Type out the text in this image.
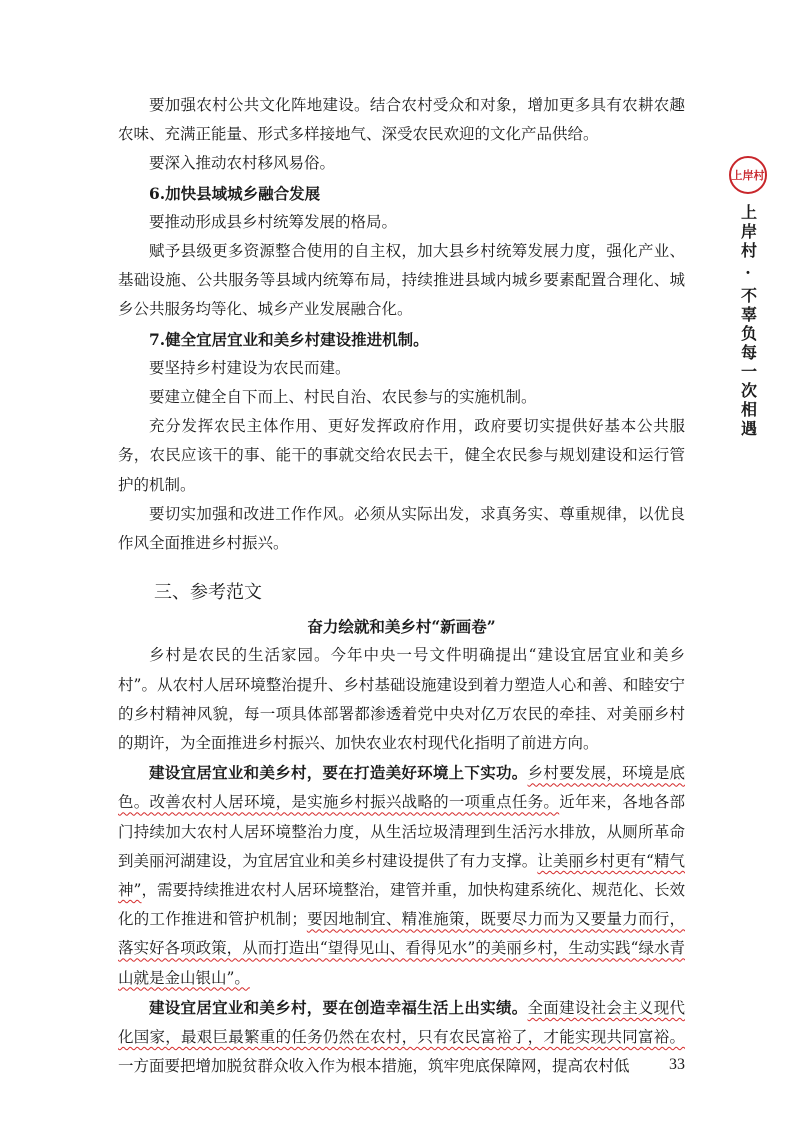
上岸村
上岸村 · 不辜负每一次相遇

要加强农村公共文化阵地建设。结合农村受众和对象，增加更多具有农耕农趣农味、充满正能量、形式多样接地气、深受农民欢迎的文化产品供给。

要深入推动农村移风易俗。

6.加快县域城乡融合发展

要推动形成县乡村统筹发展的格局。

赋予县级更多资源整合使用的自主权，加大县乡村统筹发展力度，强化产业、基础设施、公共服务等县域内统筹布局，持续推进县域内城乡要素配置合理化、城乡公共服务均等化、城乡产业发展融合化。

7.健全宜居宜业和美乡村建设推进机制。

要坚持乡村建设为农民而建。

要建立健全自下而上、村民自治、农民参与的实施机制。

充分发挥农民主体作用、更好发挥政府作用，政府要切实提供好基本公共服务，农民应该干的事、能干的事就交给农民去干，健全农民参与规划建设和运行管护的机制。

要切实加强和改进工作作风。必须从实际出发，求真务实、尊重规律，以优良作风全面推进乡村振兴。

三、参考范文

奋力绘就和美乡村“新画卷”

乡村是农民的生活家园。今年中央一号文件明确提出“建设宜居宜业和美乡村”。从农村人居环境整治提升、乡村基础设施建设到着力塑造人心和善、和睦安宁的乡村精神风貌，每一项具体部署都渗透着党中央对亿万农民的牵挂、对美丽乡村的期许，为全面推进乡村振兴、加快农业农村现代化指明了前进方向。

建设宜居宜业和美乡村，要在打造美好环境上下实功。乡村要发展，环境是底色。改善农村人居环境，是实施乡村振兴战略的一项重点任务。近年来，各地各部门持续加大农村人居环境整治力度，从生活垃圾清理到生活污水排放，从厕所革命到美丽河湖建设，为宜居宜业和美乡村建设提供了有力支撑。让美丽乡村更有“精气神”，需要持续推进农村人居环境整治，建管并重，加快构建系统化、规范化、长效化的工作推进和管护机制；要因地制宜、精准施策，既要尽力而为又要量力而行，落实好各项政策，从而打造出“望得见山、看得见水”的美丽乡村，生动实践“绿水青山就是金山银山”。

建设宜居宜业和美乡村，要在创造幸福生活上出实绩。全面建设社会主义现代化国家，最艰巨最繁重的任务仍然在农村，只有农民富裕了，才能实现共同富裕。一方面要把增加脱贫群众收入作为根本措施，筑牢兜底保障网，提高农村低	33
